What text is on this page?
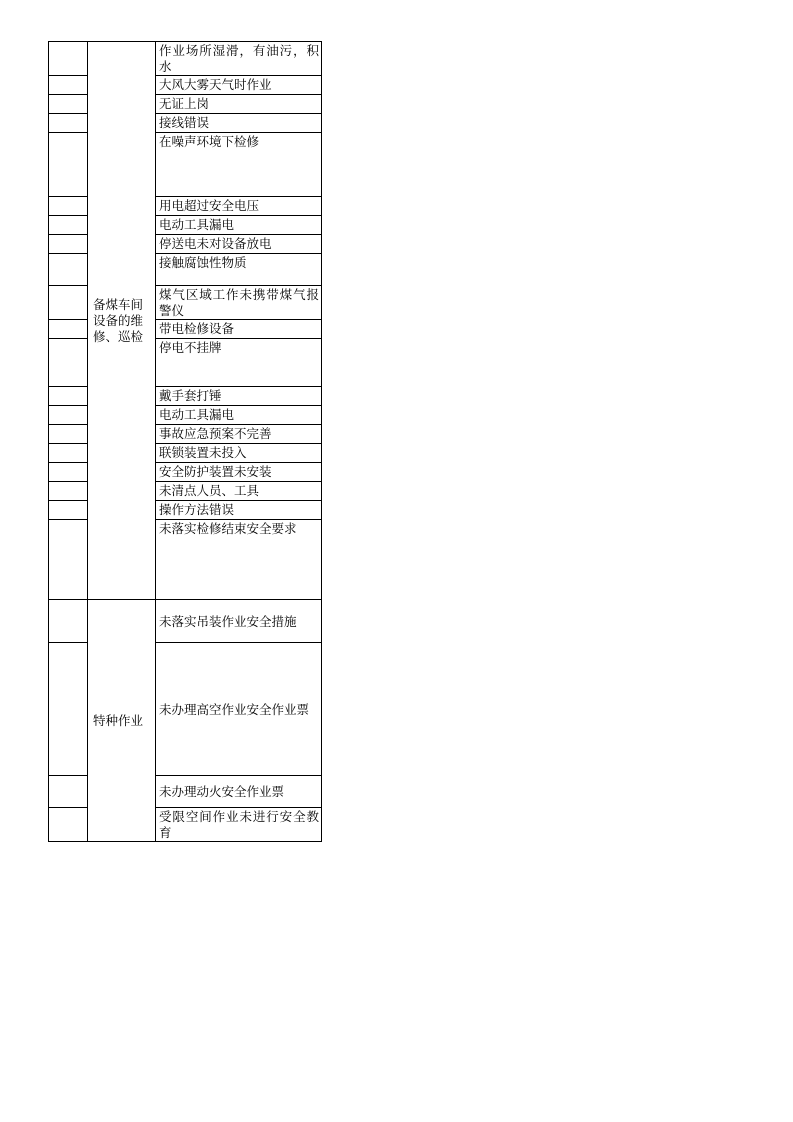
	备煤车间设备的维修、巡检	作业场所湿滑，有油污，积水
		大风大雾天气时作业
		无证上岗
		接线错误
		在噪声环境下检修
		用电超过安全电压
		电动工具漏电
		停送电未对设备放电
		接触腐蚀性物质
		煤气区域工作未携带煤气报警仪
		带电检修设备
		停电不挂牌
		戴手套打锤
		电动工具漏电
		事故应急预案不完善
		联锁装置未投入
		安全防护装置未安装
		未清点人员、工具
		操作方法错误
		未落实检修结束安全要求
	特种作业	未落实吊装作业安全措施
		未办理高空作业安全作业票
		未办理动火安全作业票
		受限空间作业未进行安全教育
